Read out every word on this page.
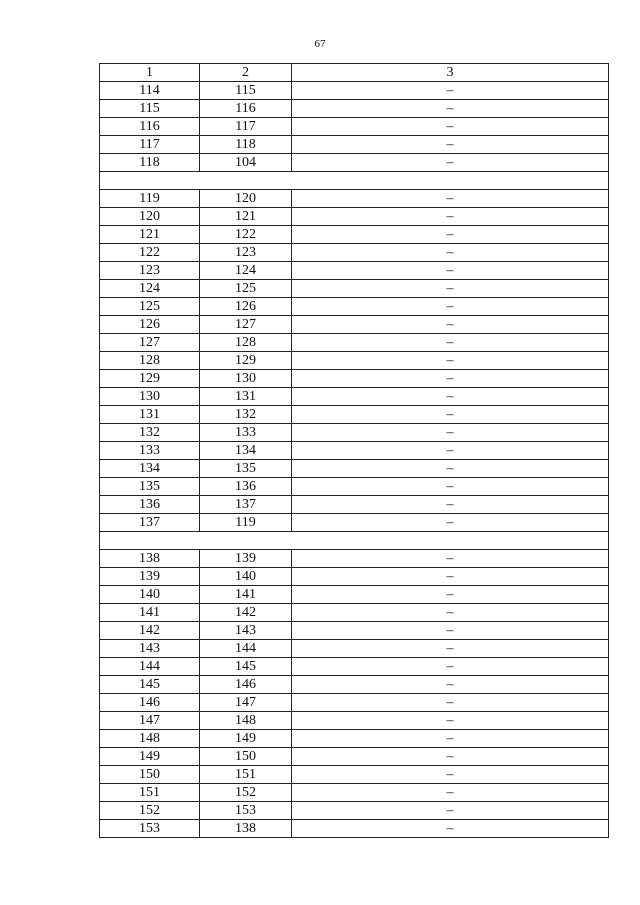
67
1	2	3
114	115	–
115	116	–
116	117	–
117	118	–
118	104	–

119	120	–
120	121	–
121	122	–
122	123	–
123	124	–
124	125	–
125	126	–
126	127	–
127	128	–
128	129	–
129	130	–
130	131	–
131	132	–
132	133	–
133	134	–
134	135	–
135	136	–
136	137	–
137	119	–

138	139	–
139	140	–
140	141	–
141	142	–
142	143	–
143	144	–
144	145	–
145	146	–
146	147	–
147	148	–
148	149	–
149	150	–
150	151	–
151	152	–
152	153	–
153	138	–
